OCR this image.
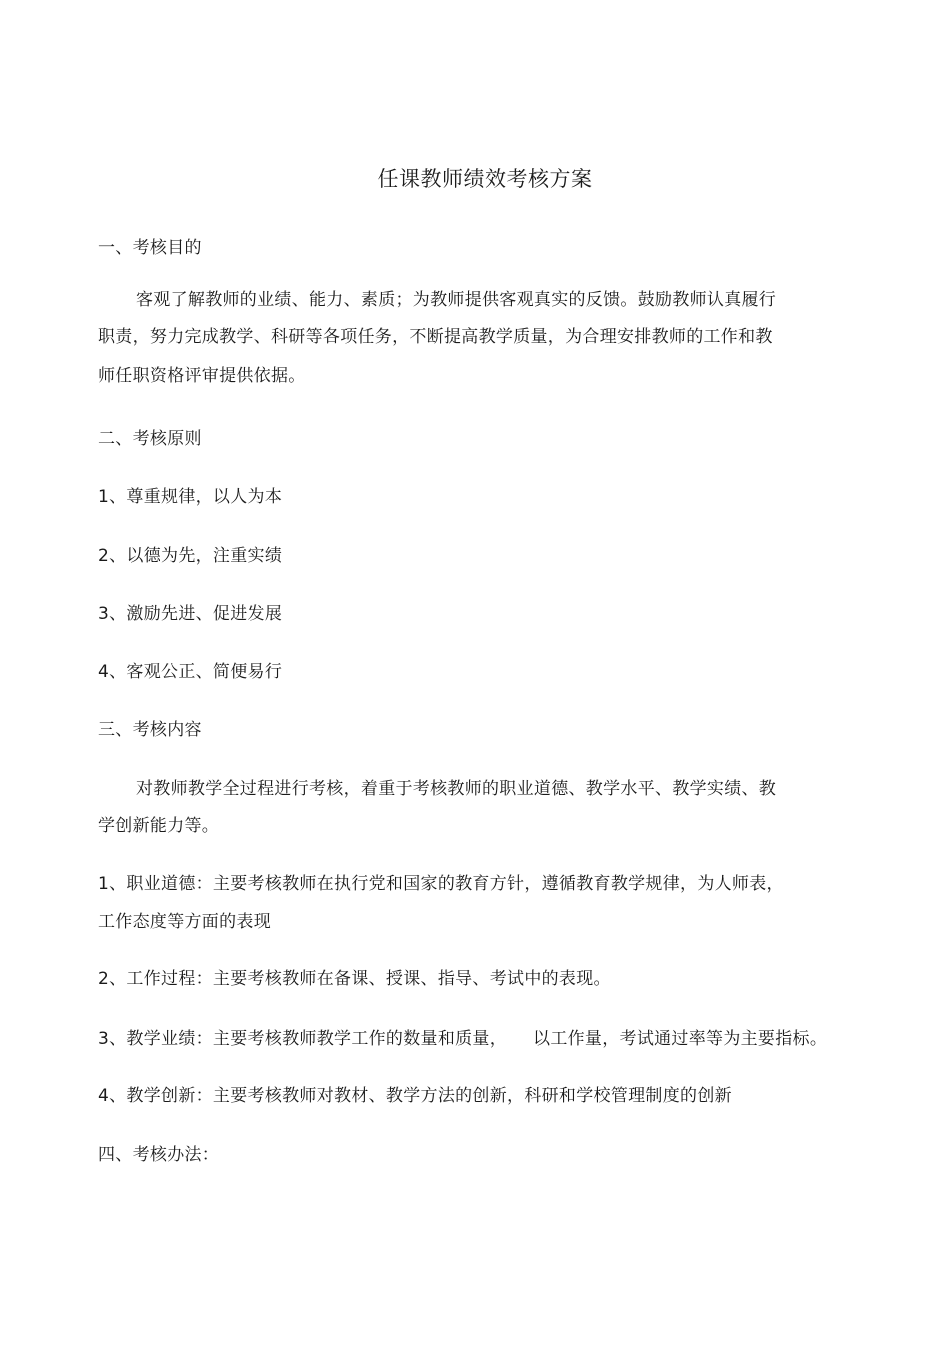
任课教师绩效考核方案
一、考核目的
客观了解教师的业绩、能力、素质；为教师提供客观真实的反馈。鼓励教师认真履行
职责，努力完成教学、科研等各项任务，不断提高教学质量，为合理安排教师的工作和教
师任职资格评审提供依据。
二、考核原则
1、尊重规律，以人为本
2、以德为先，注重实绩
3、激励先进、促进发展
4、客观公正、简便易行
三、考核内容
对教师教学全过程进行考核，着重于考核教师的职业道德、教学水平、教学实绩、教
学创新能力等。
1、职业道德：主要考核教师在执行党和国家的教育方针，遵循教育教学规律，为人师表，
工作态度等方面的表现
2、工作过程：主要考核教师在备课、授课、指导、考试中的表现。
3、教学业绩：主要考核教师教学工作的数量和质量， 以工作量，考试通过率等为主要指标。
4、教学创新：主要考核教师对教材、教学方法的创新，科研和学校管理制度的创新
四、考核办法：
